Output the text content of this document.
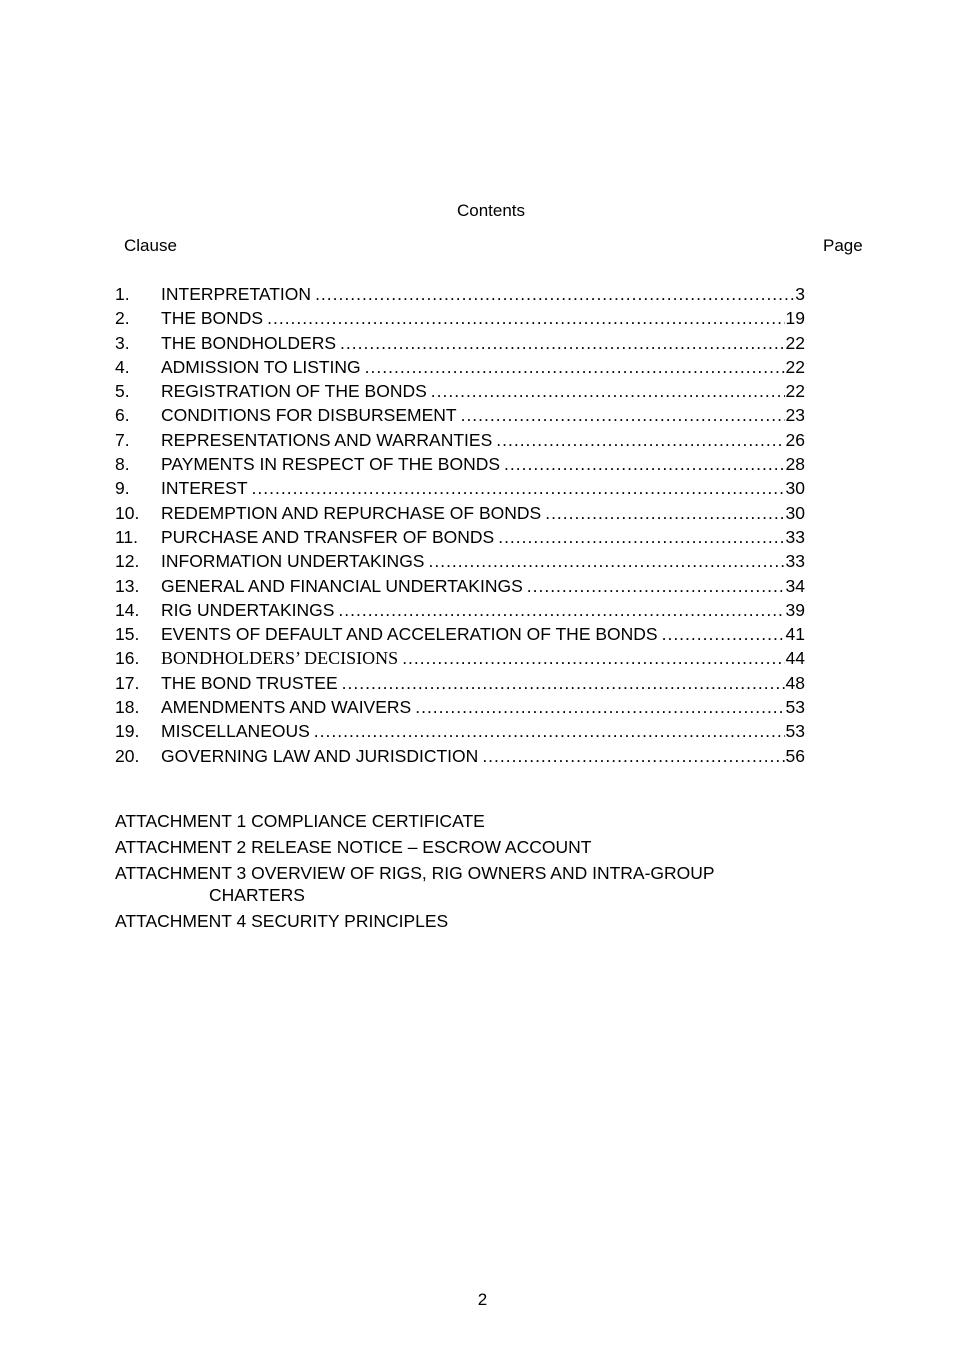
Contents
Clause	Page
1.	INTERPRETATION .....	3
2.	THE BONDS .....	19
3.	THE BONDHOLDERS .....	22
4.	ADMISSION TO LISTING .....	22
5.	REGISTRATION OF THE BONDS .....	22
6.	CONDITIONS FOR DISBURSEMENT .....	23
7.	REPRESENTATIONS AND WARRANTIES .....	26
8.	PAYMENTS IN RESPECT OF THE BONDS .....	28
9.	INTEREST .....	30
10.	REDEMPTION AND REPURCHASE OF BONDS .....	30
11.	PURCHASE AND TRANSFER OF BONDS .....	33
12.	INFORMATION UNDERTAKINGS .....	33
13.	GENERAL AND FINANCIAL UNDERTAKINGS .....	34
14.	RIG UNDERTAKINGS .....	39
15.	EVENTS OF DEFAULT AND ACCELERATION OF THE BONDS .....	41
16.	BONDHOLDERS’ DECISIONS .....	44
17.	THE BOND TRUSTEE .....	48
18.	AMENDMENTS AND WAIVERS .....	53
19.	MISCELLANEOUS .....	53
20.	GOVERNING LAW AND JURISDICTION .....	56
ATTACHMENT 1 COMPLIANCE CERTIFICATE
ATTACHMENT 2 RELEASE NOTICE – ESCROW ACCOUNT
ATTACHMENT 3 OVERVIEW OF RIGS, RIG OWNERS AND INTRA-GROUP CHARTERS
ATTACHMENT 4 SECURITY PRINCIPLES
2
